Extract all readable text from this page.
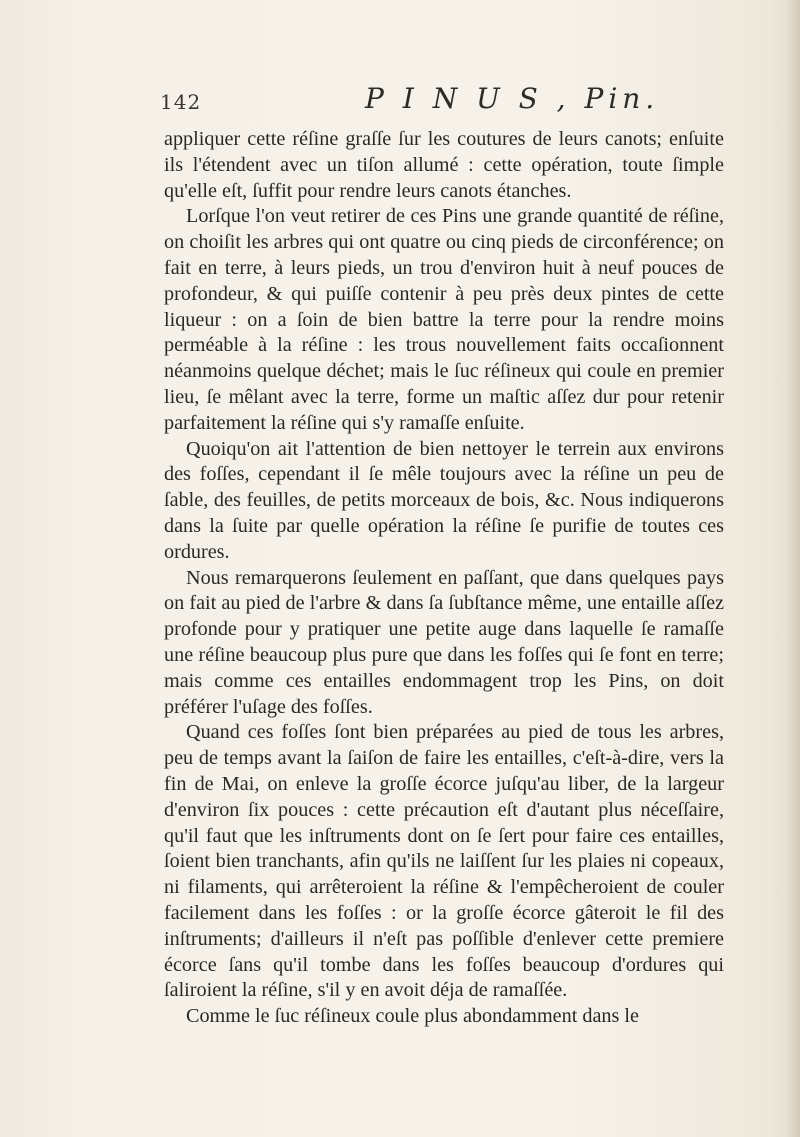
142	P I N U S , Pin.

appliquer cette réſine graſſe ſur les coutures de leurs canots; enſuite ils l'étendent avec un tiſon allumé : cette opération, toute ſimple qu'elle eſt, ſuffit pour rendre leurs canots étanches.

Lorſque l'on veut retirer de ces Pins une grande quantité de réſine, on choiſit les arbres qui ont quatre ou cinq pieds de circonférence; on fait en terre, à leurs pieds, un trou d'environ huit à neuf pouces de profondeur, & qui puiſſe contenir à peu près deux pintes de cette liqueur : on a ſoin de bien battre la terre pour la rendre moins perméable à la réſine : les trous nouvellement faits occaſionnent néanmoins quelque déchet; mais le ſuc réſineux qui coule en premier lieu, ſe mêlant avec la terre, forme un maſtic aſſez dur pour retenir parfaitement la réſine qui s'y ramaſſe enſuite.

Quoiqu'on ait l'attention de bien nettoyer le terrein aux environs des foſſes, cependant il ſe mêle toujours avec la réſine un peu de ſable, des feuilles, de petits morceaux de bois, &c. Nous indiquerons dans la ſuite par quelle opération la réſine ſe purifie de toutes ces ordures.

Nous remarquerons ſeulement en paſſant, que dans quelques pays on fait au pied de l'arbre & dans ſa ſubſtance même, une entaille aſſez profonde pour y pratiquer une petite auge dans laquelle ſe ramaſſe une réſine beaucoup plus pure que dans les foſſes qui ſe font en terre; mais comme ces entailles endommagent trop les Pins, on doit préférer l'uſage des foſſes.

Quand ces foſſes ſont bien préparées au pied de tous les arbres, peu de temps avant la ſaiſon de faire les entailles, c'eſt-à-dire, vers la fin de Mai, on enleve la groſſe écorce juſqu'au liber, de la largeur d'environ ſix pouces : cette précaution eſt d'autant plus néceſſaire, qu'il faut que les inſtruments dont on ſe ſert pour faire ces entailles, ſoient bien tranchants, afin qu'ils ne laiſſent ſur les plaies ni copeaux, ni filaments, qui arrêteroient la réſine & l'empêcheroient de couler facilement dans les foſſes : or la groſſe écorce gâteroit le fil des inſtruments; d'ailleurs il n'eſt pas poſſible d'enlever cette premiere écorce ſans qu'il tombe dans les foſſes beaucoup d'ordures qui ſaliroient la réſine, s'il y en avoit déja de ramaſſée.

Comme le ſuc réſineux coule plus abondamment dans le
